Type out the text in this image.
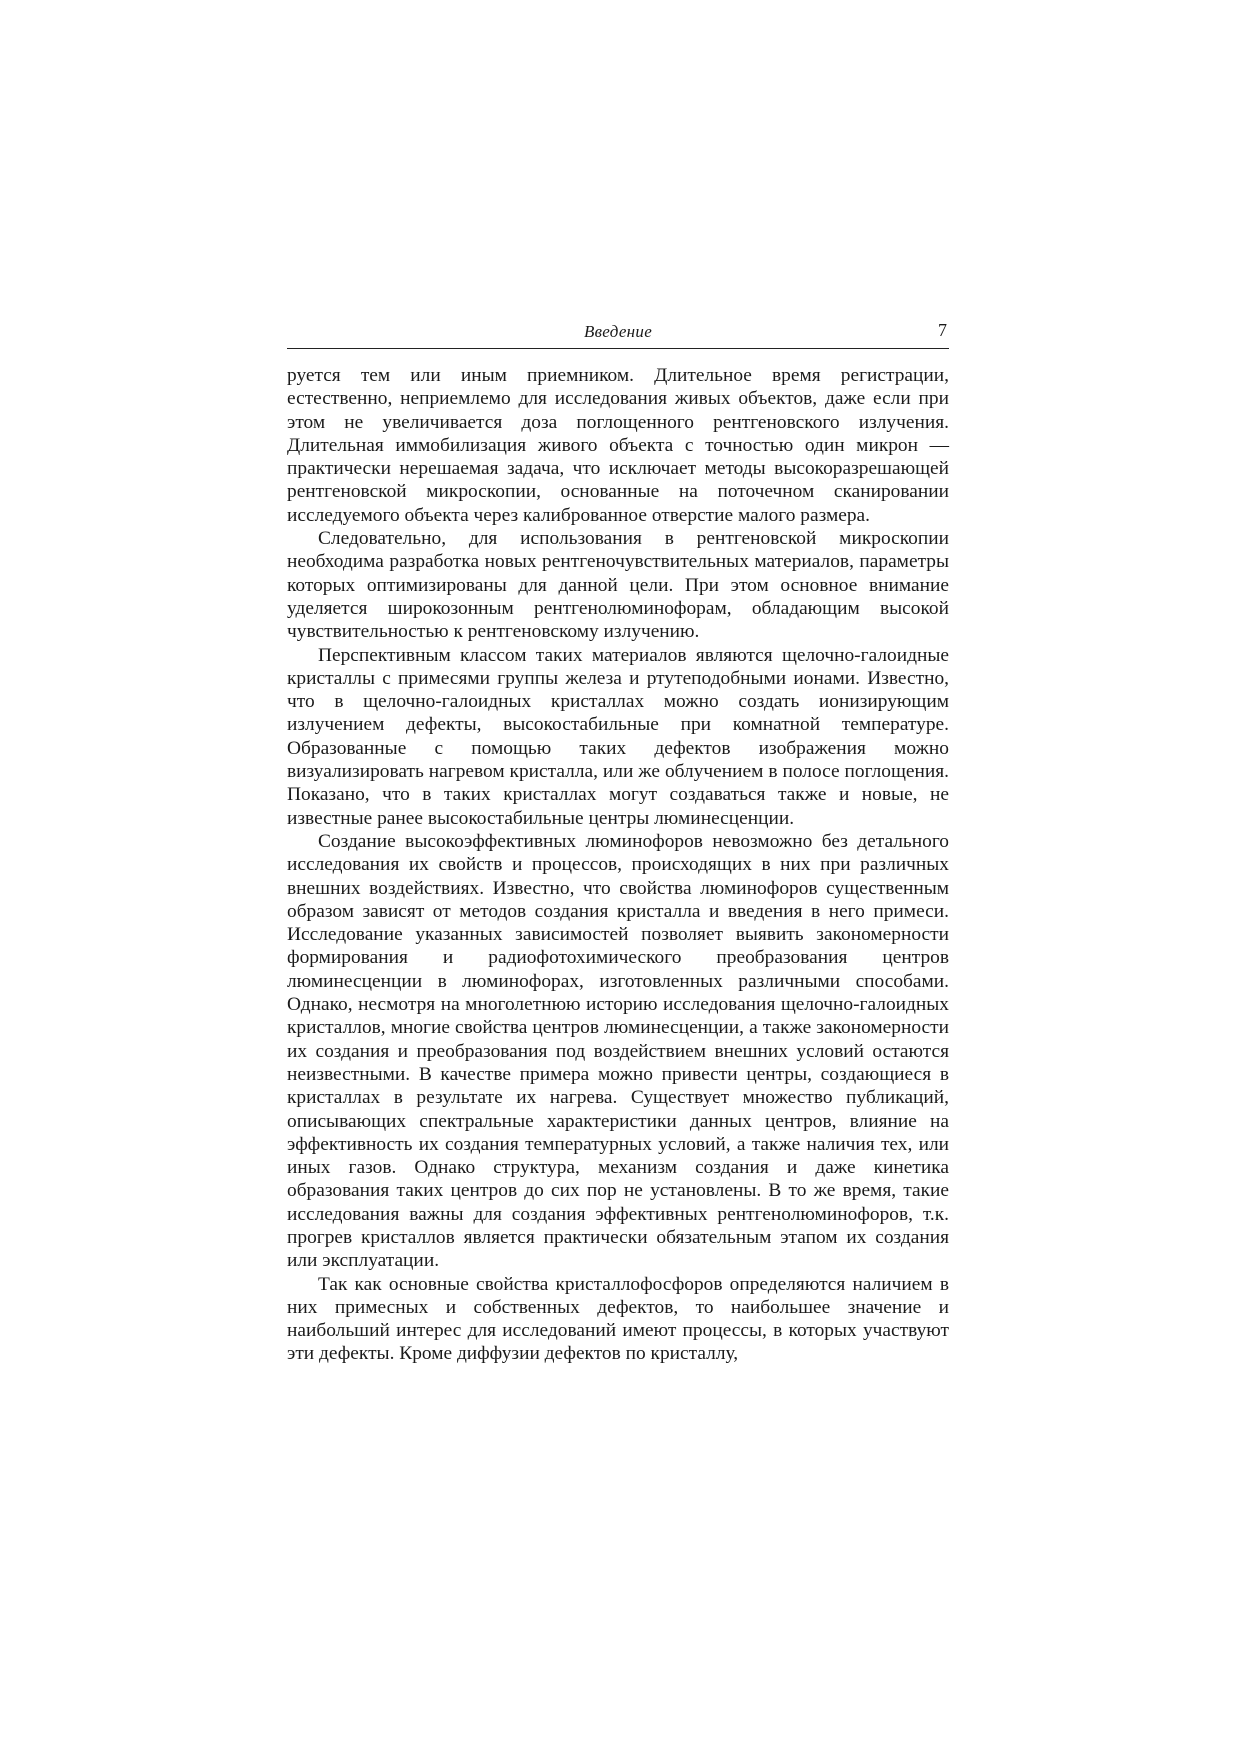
Введение	7

руется тем или иным приемником. Длительное время регистрации, естественно, неприемлемо для исследования живых объектов, даже если при этом не увеличивается доза поглощенного рентгеновского излучения. Длительная иммобилизация живого объекта с точностью один микрон — практически нерешаемая задача, что исключает методы высокоразрешающей рентгеновской микроскопии, основанные на поточечном сканировании исследуемого объекта через калиброванное отверстие малого размера.

Следовательно, для использования в рентгеновской микроскопии необходима разработка новых рентгеночувствительных материалов, параметры которых оптимизированы для данной цели. При этом основное внимание уделяется широкозонным рентгенолюминофорам, обладающим высокой чувствительностью к рентгеновскому излучению.

Перспективным классом таких материалов являются щелочно-галоидные кристаллы с примесями группы железа и ртутеподобными ионами. Известно, что в щелочно-галоидных кристаллах можно создать ионизирующим излучением дефекты, высокостабильные при комнатной температуре. Образованные с помощью таких дефектов изображения можно визуализировать нагревом кристалла, или же облучением в полосе поглощения. Показано, что в таких кристаллах могут создаваться также и новые, не известные ранее высокостабильные центры люминесценции.

Создание высокоэффективных люминофоров невозможно без детального исследования их свойств и процессов, происходящих в них при различных внешних воздействиях. Известно, что свойства люминофоров существенным образом зависят от методов создания кристалла и введения в него примеси. Исследование указанных зависимостей позволяет выявить закономерности формирования и радиофотохимического преобразования центров люминесценции в люминофорах, изготовленных различными способами. Однако, несмотря на многолетнюю историю исследования щелочно-галоидных кристаллов, многие свойства центров люминесценции, а также закономерности их создания и преобразования под воздействием внешних условий остаются неизвестными. В качестве примера можно привести центры, создающиеся в кристаллах в результате их нагрева. Существует множество публикаций, описывающих спектральные характеристики данных центров, влияние на эффективность их создания температурных условий, а также наличия тех, или иных газов. Однако структура, механизм создания и даже кинетика образования таких центров до сих пор не установлены. В то же время, такие исследования важны для создания эффективных рентгенолюминофоров, т.к. прогрев кристаллов является практически обязательным этапом их создания или эксплуатации.

Так как основные свойства кристаллофосфоров определяются наличием в них примесных и собственных дефектов, то наибольшее значение и наибольший интерес для исследований имеют процессы, в которых участвуют эти дефекты. Кроме диффузии дефектов по кристаллу,
